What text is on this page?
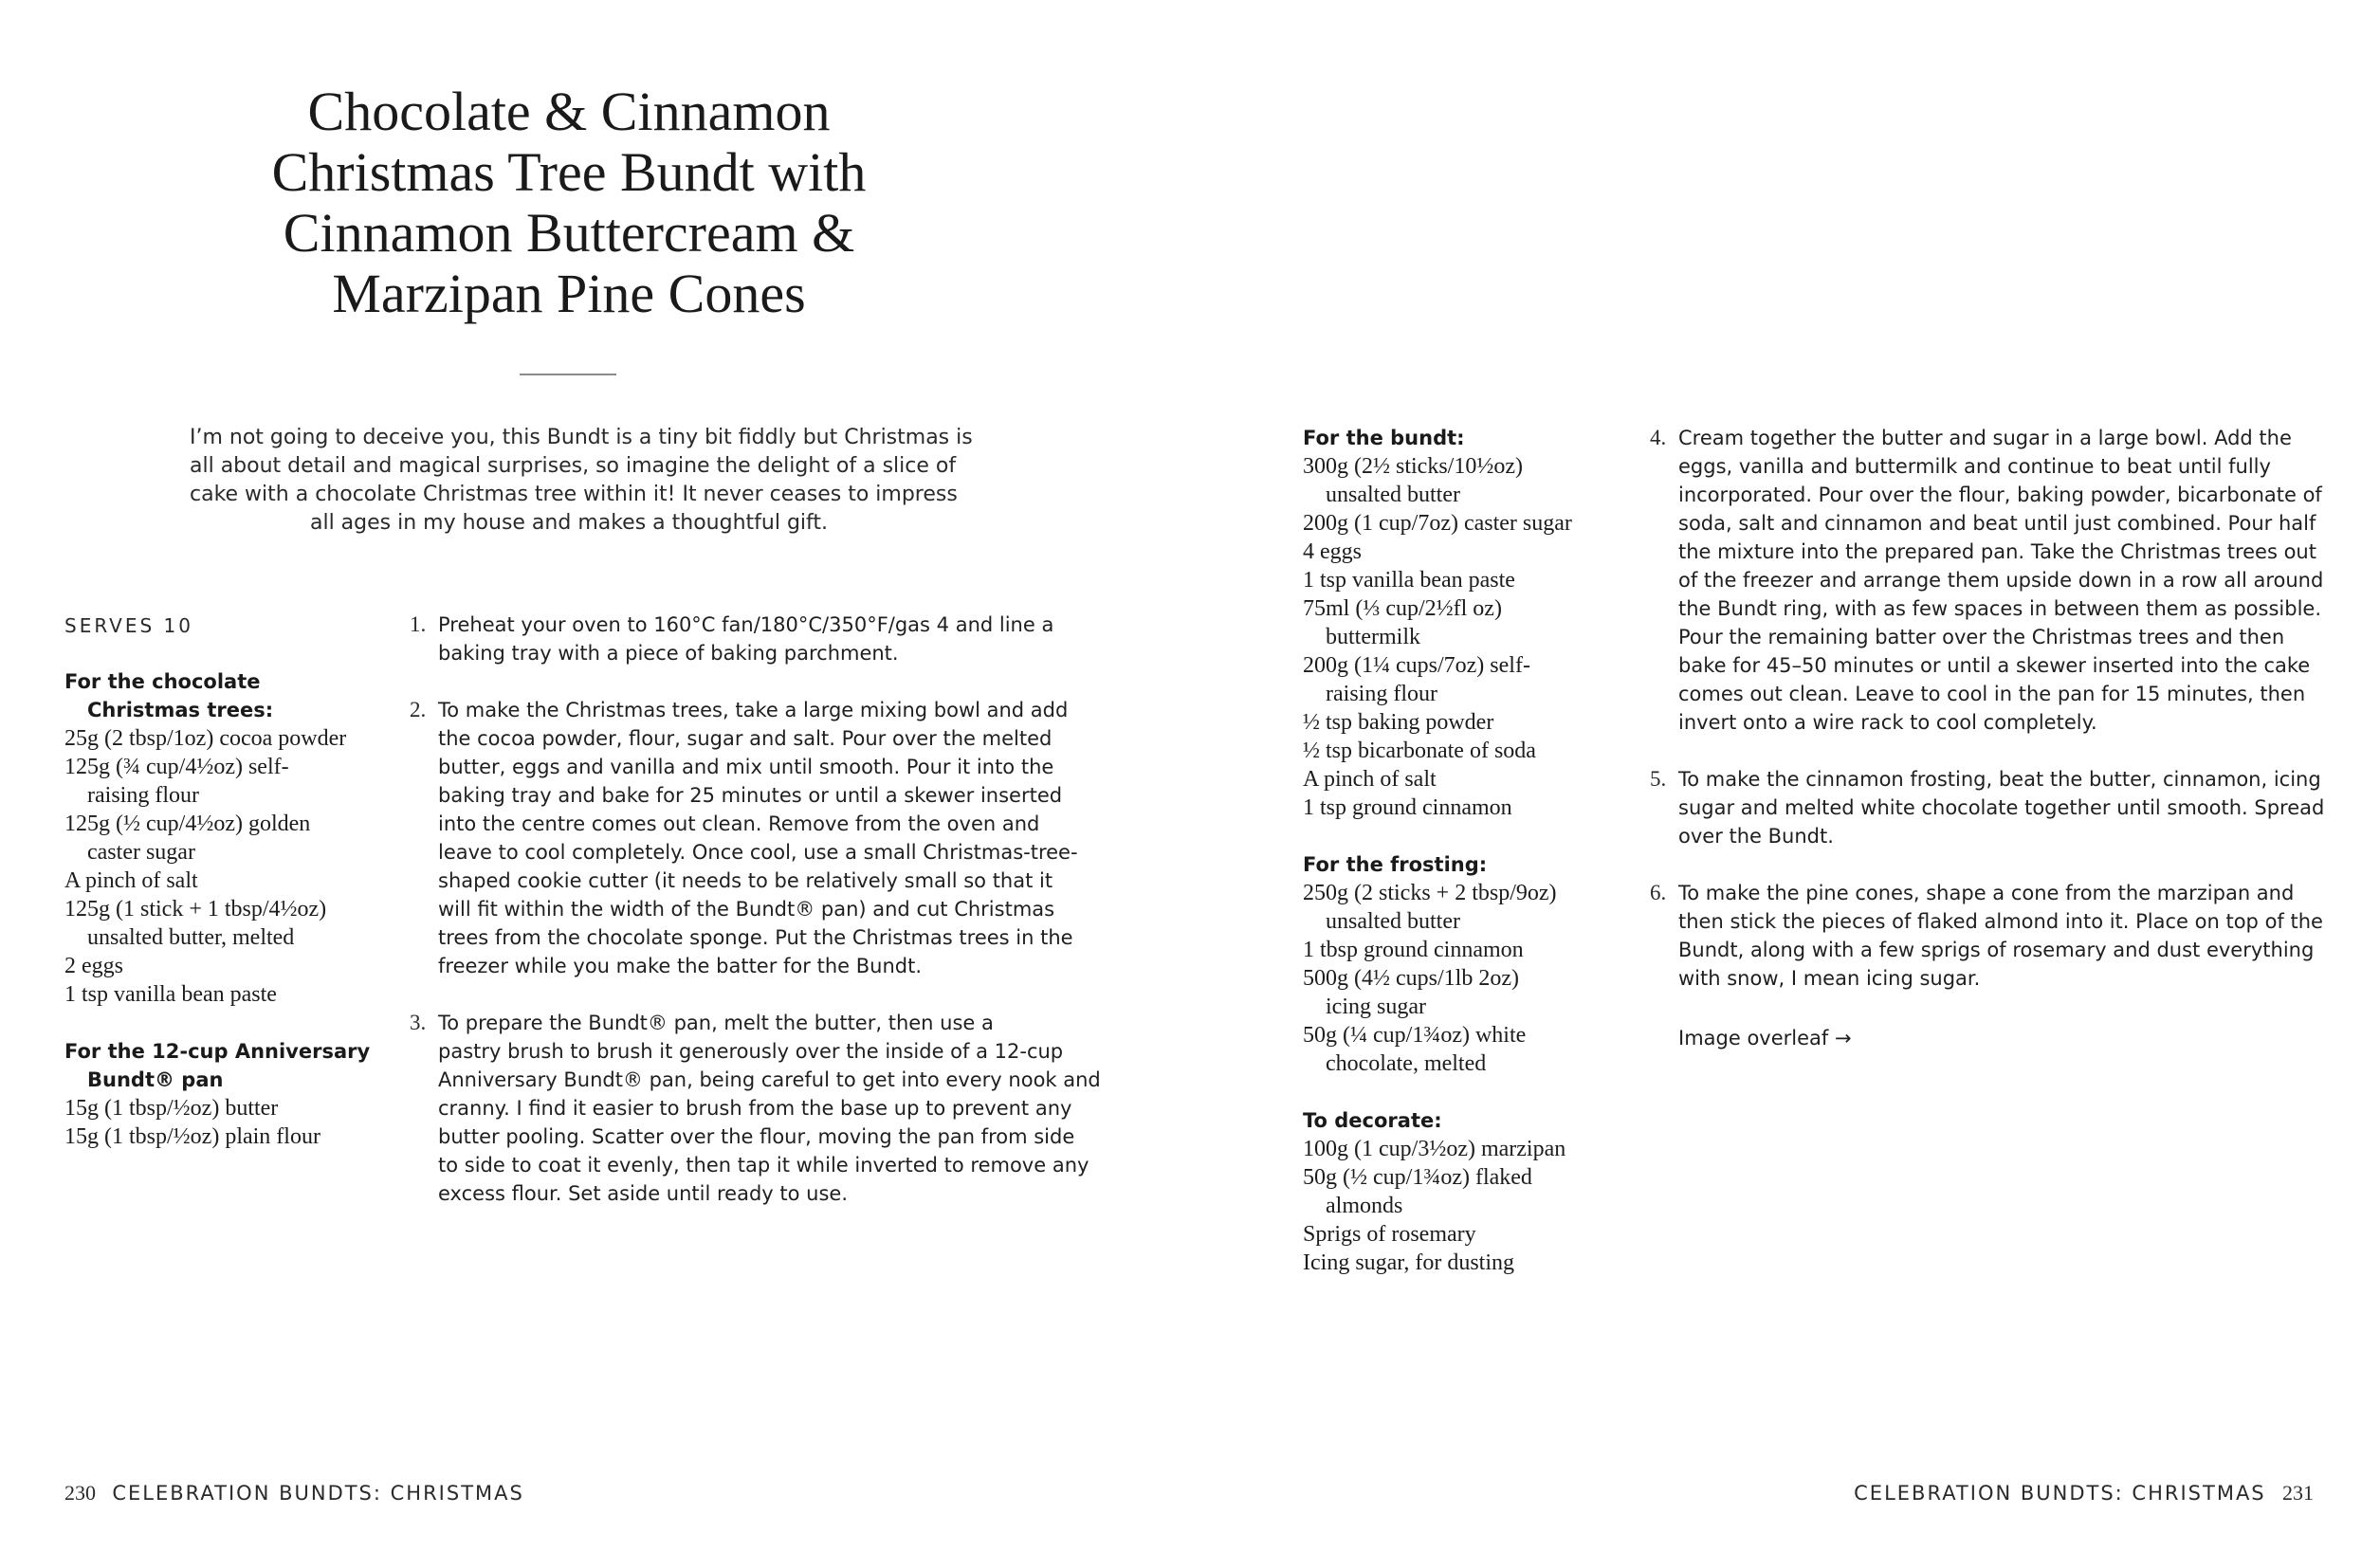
Chocolate & Cinnamon
Christmas Tree Bundt with
Cinnamon Buttercream &
Marzipan Pine Cones
I’m not going to deceive you, this Bundt is a tiny bit fiddly but Christmas is
all about detail and magical surprises, so imagine the delight of a slice of
cake with a chocolate Christmas tree within it! It never ceases to impress
all ages in my house and makes a thoughtful gift.
SERVES 10
For the chocolate
Christmas trees:
25g (2 tbsp/1oz) cocoa powder
125g (¾ cup/4½oz) self-
raising flour
125g (½ cup/4½oz) golden
caster sugar
A pinch of salt
125g (1 stick + 1 tbsp/4½oz)
unsalted butter, melted
2 eggs
1 tsp vanilla bean paste
For the 12-cup Anniversary
Bundt® pan
15g (1 tbsp/½oz) butter
15g (1 tbsp/½oz) plain flour
1. Preheat your oven to 160°C fan/180°C/350°F/gas 4 and line a
baking tray with a piece of baking parchment.
2. To make the Christmas trees, take a large mixing bowl and add
the cocoa powder, flour, sugar and salt. Pour over the melted
butter, eggs and vanilla and mix until smooth. Pour it into the
baking tray and bake for 25 minutes or until a skewer inserted
into the centre comes out clean. Remove from the oven and
leave to cool completely. Once cool, use a small Christmas-tree-
shaped cookie cutter (it needs to be relatively small so that it
will fit within the width of the Bundt® pan) and cut Christmas
trees from the chocolate sponge. Put the Christmas trees in the
freezer while you make the batter for the Bundt.
3. To prepare the Bundt® pan, melt the butter, then use a
pastry brush to brush it generously over the inside of a 12-cup
Anniversary Bundt® pan, being careful to get into every nook and
cranny. I find it easier to brush from the base up to prevent any
butter pooling. Scatter over the flour, moving the pan from side
to side to coat it evenly, then tap it while inverted to remove any
excess flour. Set aside until ready to use.
For the bundt:
300g (2½ sticks/10½oz)
unsalted butter
200g (1 cup/7oz) caster sugar
4 eggs
1 tsp vanilla bean paste
75ml (⅓ cup/2½fl oz)
buttermilk
200g (1¼ cups/7oz) self-
raising flour
½ tsp baking powder
½ tsp bicarbonate of soda
A pinch of salt
1 tsp ground cinnamon
For the frosting:
250g (2 sticks + 2 tbsp/9oz)
unsalted butter
1 tbsp ground cinnamon
500g (4½ cups/1lb 2oz)
icing sugar
50g (¼ cup/1¾oz) white
chocolate, melted
To decorate:
100g (1 cup/3½oz) marzipan
50g (½ cup/1¾oz) flaked
almonds
Sprigs of rosemary
Icing sugar, for dusting
4. Cream together the butter and sugar in a large bowl. Add the
eggs, vanilla and buttermilk and continue to beat until fully
incorporated. Pour over the flour, baking powder, bicarbonate of
soda, salt and cinnamon and beat until just combined. Pour half
the mixture into the prepared pan. Take the Christmas trees out
of the freezer and arrange them upside down in a row all around
the Bundt ring, with as few spaces in between them as possible.
Pour the remaining batter over the Christmas trees and then
bake for 45–50 minutes or until a skewer inserted into the cake
comes out clean. Leave to cool in the pan for 15 minutes, then
invert onto a wire rack to cool completely.
5. To make the cinnamon frosting, beat the butter, cinnamon, icing
sugar and melted white chocolate together until smooth. Spread
over the Bundt.
6. To make the pine cones, shape a cone from the marzipan and
then stick the pieces of flaked almond into it. Place on top of the
Bundt, along with a few sprigs of rosemary and dust everything
with snow, I mean icing sugar.
Image overleaf →
230 CELEBRATION BUNDTS: CHRISTMAS	CELEBRATION BUNDTS: CHRISTMAS 231
